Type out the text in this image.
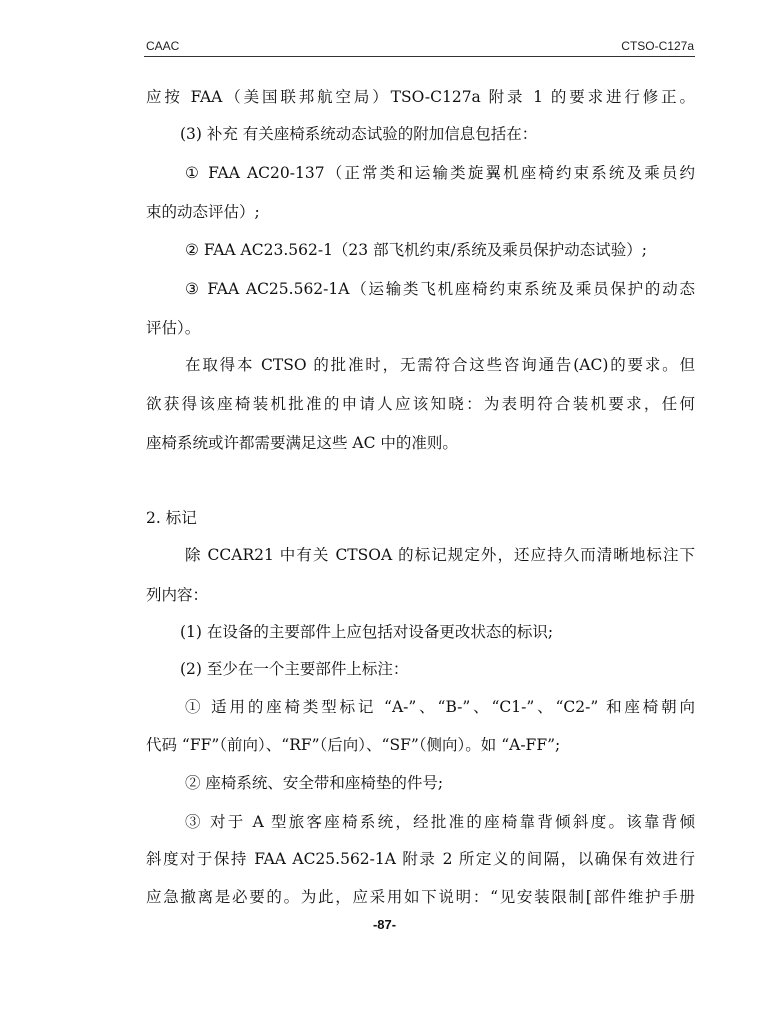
CAAC	CTSO-C127a
应按 FAA（美国联邦航空局）TSO-C127a 附录 1 的要求进行修正。
(3) 补充 有关座椅系统动态试验的附加信息包括在：
① FAA AC20-137（正常类和运输类旋翼机座椅约束系统及乘员约
束的动态评估）;
② FAA AC23.562-1（23 部飞机约束/系统及乘员保护动态试验）;
③ FAA AC25.562-1A（运输类飞机座椅约束系统及乘员保护的动态
评估）。
在取得本 CTSO 的批准时，无需符合这些咨询通告(AC)的要求。但
欲获得该座椅装机批准的申请人应该知晓：为表明符合装机要求，任何
座椅系统或许都需要满足这些 AC 中的准则。
2. 标记
除 CCAR21 中有关 CTSOA 的标记规定外，还应持久而清晰地标注下
列内容：
(1) 在设备的主要部件上应包括对设备更改状态的标识;
(2) 至少在一个主要部件上标注：
① 适用的座椅类型标记 “A-”、“B-”、“C1-”、“C2-” 和座椅朝向
代码 “FF”（前向）、“RF”（后向）、“SF”（侧向）。如 “A-FF”;
② 座椅系统、安全带和座椅垫的件号;
③ 对于 A 型旅客座椅系统，经批准的座椅靠背倾斜度。该靠背倾
斜度对于保持 FAA AC25.562-1A 附录 2 所定义的间隔，以确保有效进行
应急撤离是必要的。为此，应采用如下说明：“见安装限制[部件维护手册
-87-
